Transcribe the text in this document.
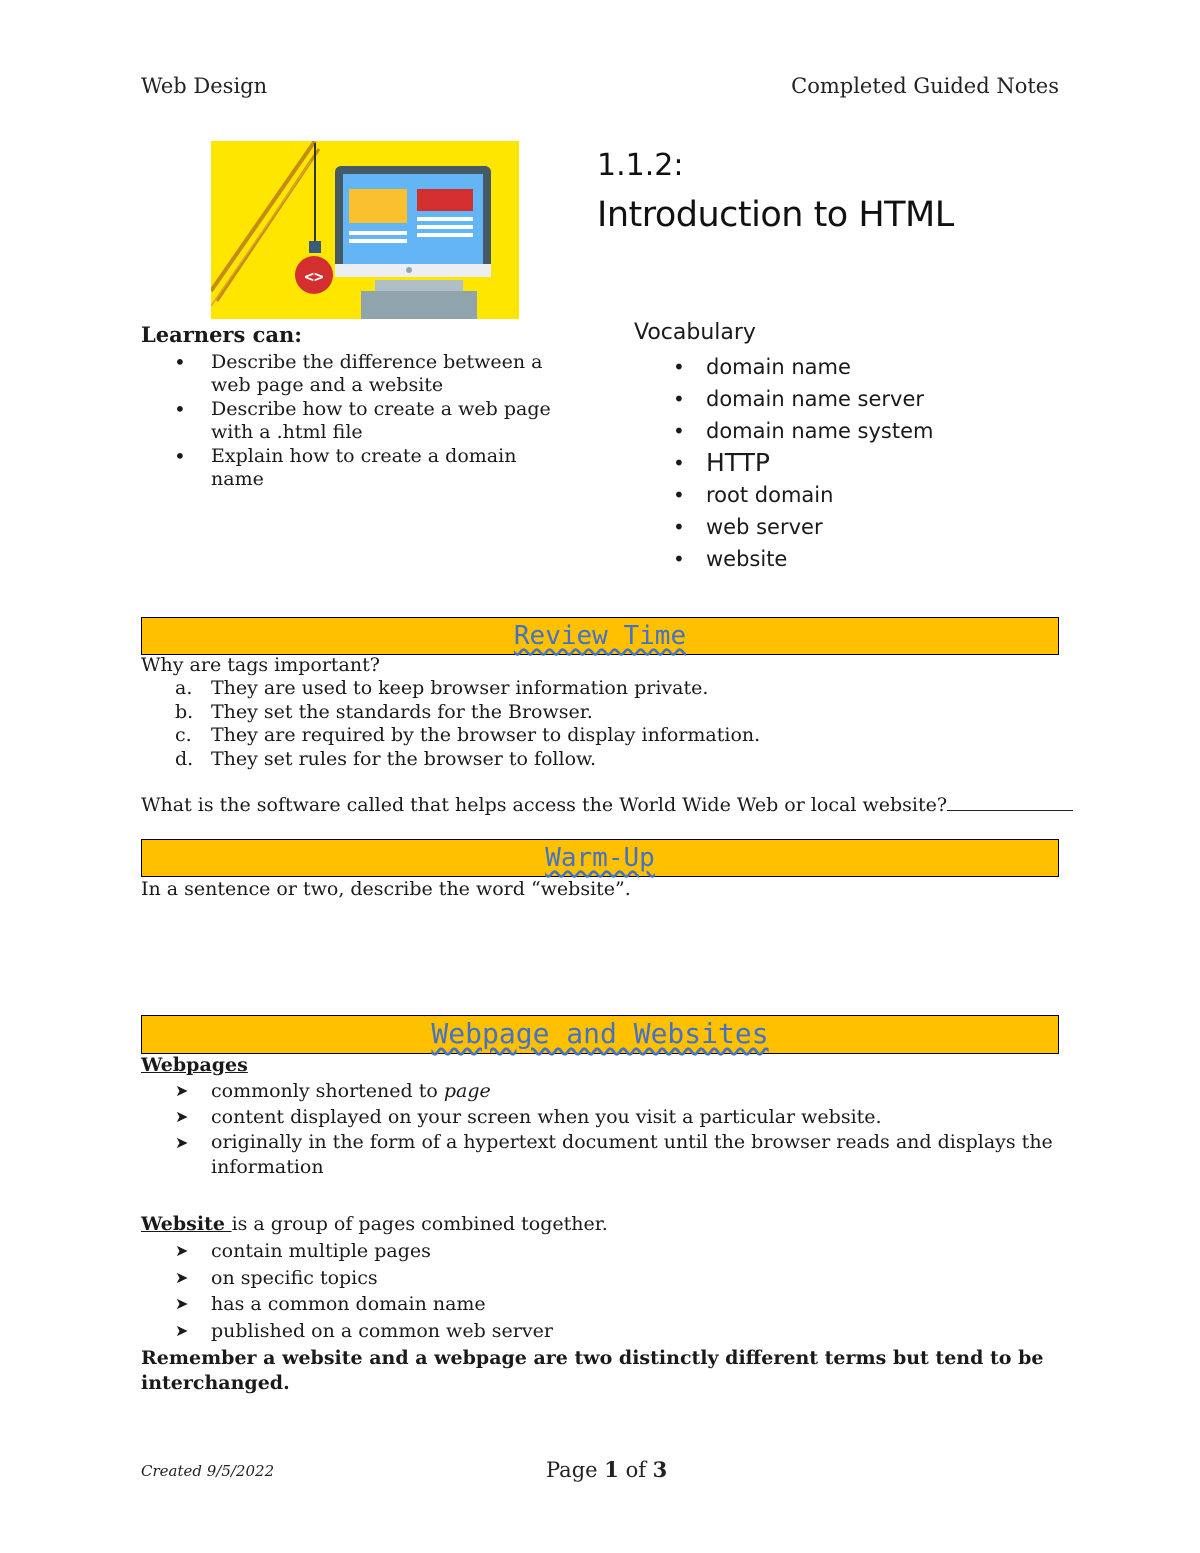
Web Design	Completed Guided Notes
<>
1.1.2:
Introduction to HTML
Learners can:
• Describe the difference between a web page and a website
• Describe how to create a web page with a .html file
• Explain how to create a domain name
Vocabulary
• domain name
• domain name server
• domain name system
• HTTP
• root domain
• web server
• website
Review Time
Why are tags important?
a. They are used to keep browser information private.
b. They set the standards for the Browser.
c. They are required by the browser to display information.
d. They set rules for the browser to follow.
What is the software called that helps access the World Wide Web or local website?
Warm-Up
In a sentence or two, describe the word “website”.
Webpage and Websites
Webpages
➤ commonly shortened to page
➤ content displayed on your screen when you visit a particular website.
➤ originally in the form of a hypertext document until the browser reads and displays the information
Website is a group of pages combined together.
➤ contain multiple pages
➤ on specific topics
➤ has a common domain name
➤ published on a common web server
Remember a website and a webpage are two distinctly different terms but tend to be interchanged.
Created 9/5/2022	Page 1 of 3
